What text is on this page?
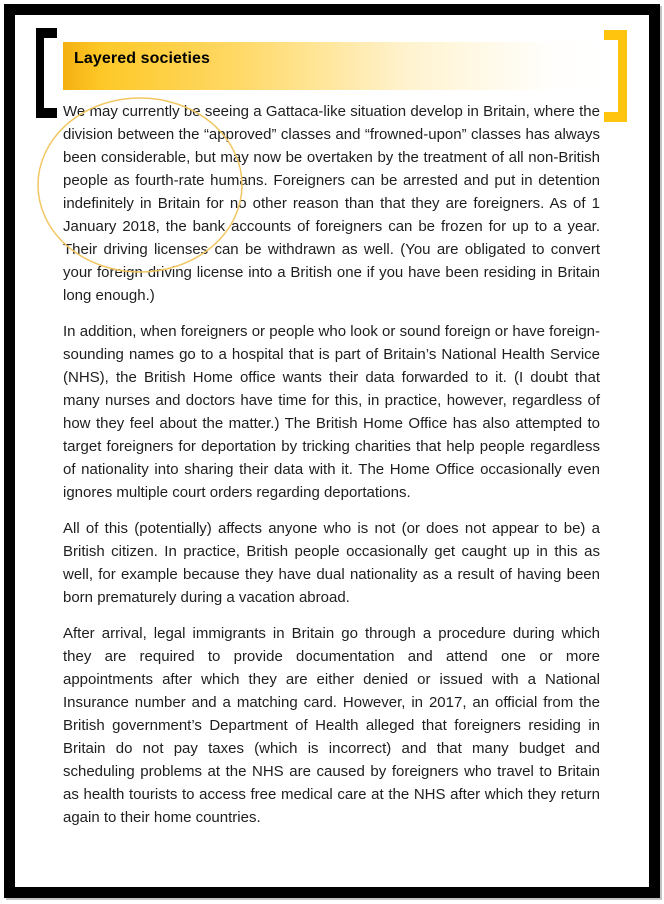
Layered societies

We may currently be seeing a Gattaca-like situation develop in Britain, where the division between the “approved” classes and “frowned-upon” classes has always been considerable, but may now be overtaken by the treatment of all non-British people as fourth-rate humans. Foreigners can be arrested and put in detention indefinitely in Britain for no other reason than that they are foreigners. As of 1 January 2018, the bank accounts of foreigners can be frozen for up to a year. Their driving licenses can be withdrawn as well. (You are obligated to convert your foreign driving license into a British one if you have been residing in Britain long enough.)

In addition, when foreigners or people who look or sound foreign or have foreign-sounding names go to a hospital that is part of Britain’s National Health Service (NHS), the British Home office wants their data forwarded to it. (I doubt that many nurses and doctors have time for this, in practice, however, regardless of how they feel about the matter.) The British Home Office has also attempted to target foreigners for deportation by tricking charities that help people regardless of nationality into sharing their data with it. The Home Office occasionally even ignores multiple court orders regarding deportations.

All of this (potentially) affects anyone who is not (or does not appear to be) a British citizen. In practice, British people occasionally get caught up in this as well, for example because they have dual nationality as a result of having been born prematurely during a vacation abroad.

After arrival, legal immigrants in Britain go through a procedure during which they are required to provide documentation and attend one or more appointments after which they are either denied or issued with a National Insurance number and a matching card. However, in 2017, an official from the British government’s Department of Health alleged that foreigners residing in Britain do not pay taxes (which is incorrect) and that many budget and scheduling problems at the NHS are caused by foreigners who travel to Britain as health tourists to access free medical care at the NHS after which they return again to their home countries.
